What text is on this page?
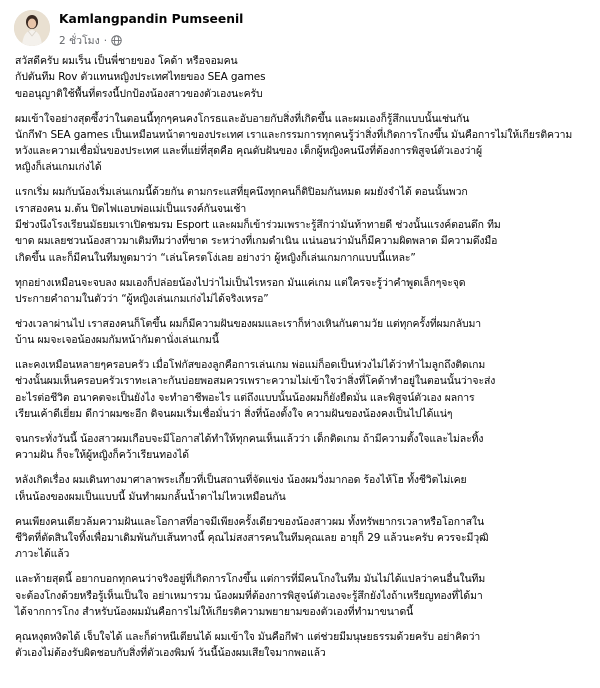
Kamlangpandin Pumseenil
2 ชั่วโมง ·
สวัสดีครับ ผมเร็น เป็นพี่ชายของ โคด้า หรือจอมคน
กัปตันทีม Rov ตัวแทนหญิงประเทศไทยของ SEA games
ขออนุญาติใช้พื้นที่ตรงนี้ปกป้องน้องสาวของตัวเองนะครับ
ผมเข้าใจอย่างสุดซึ้งว่าในตอนนี้ทุกๆคนคงโกรธและอับอายกับสิ่งที่เกิดขึ้น และผมเองก็รู้สึกแบบนั้นเช่นกัน
นักกีฬา SEA games เป็นเหมือนหน้าตาของประเทศ เราและกรรมการทุกคนรู้ว่าสิ่งที่เกิดการโกงขึ้น มันคือการไม่ให้เกียรติความ
หวังและความเชื่อมั่นของประเทศ และที่แย่ที่สุดคือ คุณดับฝันของ เด็กผู้หญิงคนนึงที่ต้องการพิสูจน์ตัวเองว่าผู้
หญิงก็เล่นเกมเก่งได้
แรกเริ่ม ผมกับน้องเริ่มเล่นเกมนี้ด้วยกัน ตามกระแสที่ยุคนึงทุกคนก็ติปิอมกันหมด ผมยังจำได้ ตอนนั้นพวก
เราสองคน ม.ต้น ปิดไฟแอบพ่อแม่เป็นแรงค์กันจนเช้า
มีช่วงนึงโรงเรียนมัธยมเราเปิดชมรม Esport และผมก็เข้าร่วมเพราะรู้สึกว่ามันท้าทายดี ช่วงนั้นแรงค์ตอนดึก ทีม
ขาด ผมเลยชวนน้องสาวมาเติมทีมว่างที่ขาด ระหว่างที่เกมดำเนิน แน่นอนว่ามันก็มีความผิดพลาด มีความดึงมือ
เกิดขึ้น และก็มีคนในทีมพูดมาว่า “เล่นโครตโง่เลย อย่างว่า ผู้หญิงก็เล่นเกมกากแบบนี้แหละ”
ทุกอย่างเหมือนจะจบลง ผมเองก็ปล่อยน้องไปว่าไม่เป็นไรหรอก มันแค่เกม แต่ใครจะรู้ว่าคำพูดเล็กๆจะจุด
ประกายคำถามในตัวว่า “ผู้หญิงเล่นเกมเก่งไม่ได้จริงเหรอ”
ช่วงเวลาผ่านไป เราสองคนก็โตขึ้น ผมก็มีความฝันของผมและเราก็ห่างเหินกันตามวัย แต่ทุกครั้งที่ผมกลับมา
บ้าน ผมจะเจอน้องผมกัมหน้ากัมตานั่งเล่นเกมนี้
และคงเหมือนหลายๆครอบครัว เมื่อโฟกัสของลูกคือการเล่นเกม พ่อแม่ก็อดเป็นห่วงไม่ได้ว่าทำไมลูกถึงติดเกม
ช่วงนั้นผมเห็นครอบครัวเราทะเลาะกันบ่อยพอสมควรเพราะความไม่เข้าใจว่าสิ่งที่โคด้าทำอยู่ในตอนนั้นว่าจะส่ง
อะไรต่อชีวิต อนาคตจะเป็นยังไง จะทำอาชีพอะไร แต่ถึงแบบนั้นน้องผมก็ยังยืดมั่น และพิสูจน์ตัวเอง ผลการ
เรียนเค้าดีเยี่ยม ดีกว่าผมซะอีก ดิจนผมเริ่มเชื่อมั่นว่า สิ่งที่น้องตั้งใจ ความฝันของน้องคงเป็นไปได้แน่ๆ
จนกระทั่งวันนี้ น้องสาวผมเกือบจะมีโอกาสได้ทำให้ทุกคนเห็นแล้วว่า เด็กติดเกม ถ้ามีความตั้งใจและไม่ละทิ้ง
ความฝัน ก็จะให้ผู้หญิงก็คว้าเรียนทองได้
หลังเกิดเรื่อง ผมเดินทางมาศาลาพระเกี้ยวที่เป็นสถานที่จัดแข่ง น้องผมวิ่งมากอด ร้องไห้โฮ ทั้งชีวิตไม่เคย
เห็นน้องของผมเป็นแบบนี้ มันทำผมกลั้นน้ำตาไม่ไหวเหมือนกัน
คนเพียงคนเดียวล้มความฝันและโอกาสที่อาจมีเพียงครั้งเดียวของน้องสาวผม ทั้งทรัพยากรเวลาหรือโอกาสใน
ชีวิตที่ตัดสินใจทิ้งเพื่อมาเดิมพันกับเส้นทางนี้ คุณไม่สงสารคนในทีมคุณเลย อายุก็ 29 แล้วนะครับ ควรจะมีวุฒิ
ภาวะได้แล้ว
และท้ายสุดนี้ อยากบอกทุกคนว่าจริงอยู่ที่เกิดการโกงขึ้น แต่การที่มีคนโกงในทีม มันไม่ได้แปลว่าคนอื่นในทีม
จะต้องโกงด้วยหรือรู้เห็นเป็นใจ อย่าเหมารวม น้องผมที่ต้องการพิสูจน์ตัวเองจะรู้สึกยังไงถ้าเหรียญทองที่ได้มา
ได้จากการโกง สำหรับน้องผมมันคือการไม่ให้เกียรติความพยายามของตัวเองที่ทำมาขนาดนี้
คุณหงุดหงิดได้ เจ็บใจได้ และก็ด่าหนีเตียนได้ ผมเข้าใจ มันคือกีฬา แต่ช่วยมีมนุษยธรรมด้วยครับ อย่าคิดว่า
ตัวเองไม่ต้องรับผิดชอบกับสิ่งที่ตัวเองพิมพ์ วันนี้น้องผมเสียใจมากพอแล้ว
